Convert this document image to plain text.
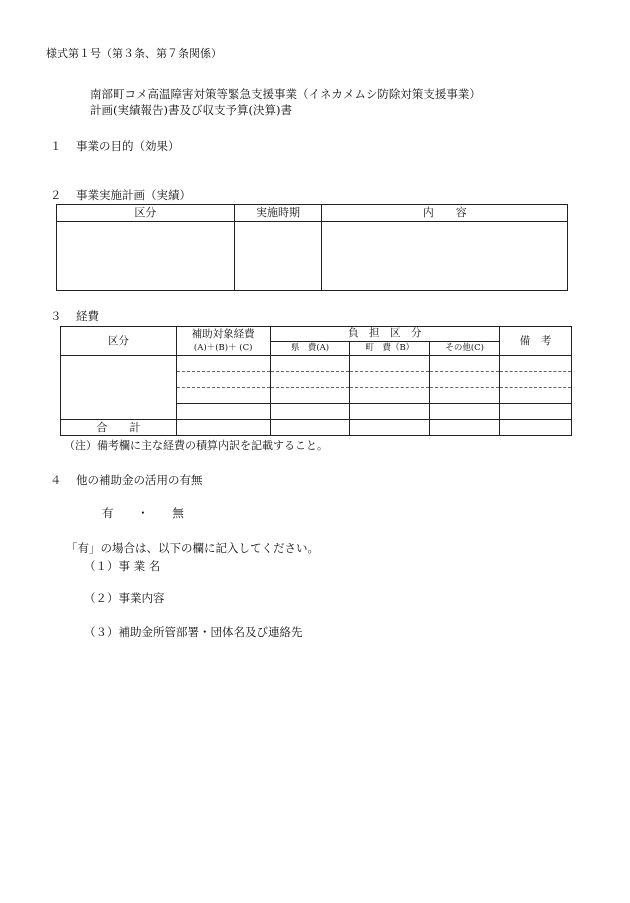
様式第１号（第３条、第７条関係）
南部町コメ高温障害対策等緊急支援事業（イネカメムシ防除対策支援事業）
計画(実績報告)書及び収支予算(決算)書
１ 事業の目的（効果）
２ 事業実施計画（実績）
区分	実施時期	内　　容

３ 経費
区分	補助対象経費	負　担　区　分			備　考
	(A)＋(B)＋ (C)	県　費(A)	町　費（B）	その他(C)	

合　　計					
（注）備考欄に主な経費の積算内訳を記載すること。
４ 他の補助金の活用の有無
有 ・ 無
「有」の場合は、以下の欄に記入してください。
（１）事 業 名
（２）事業内容
（３）補助金所管部署・団体名及び連絡先
